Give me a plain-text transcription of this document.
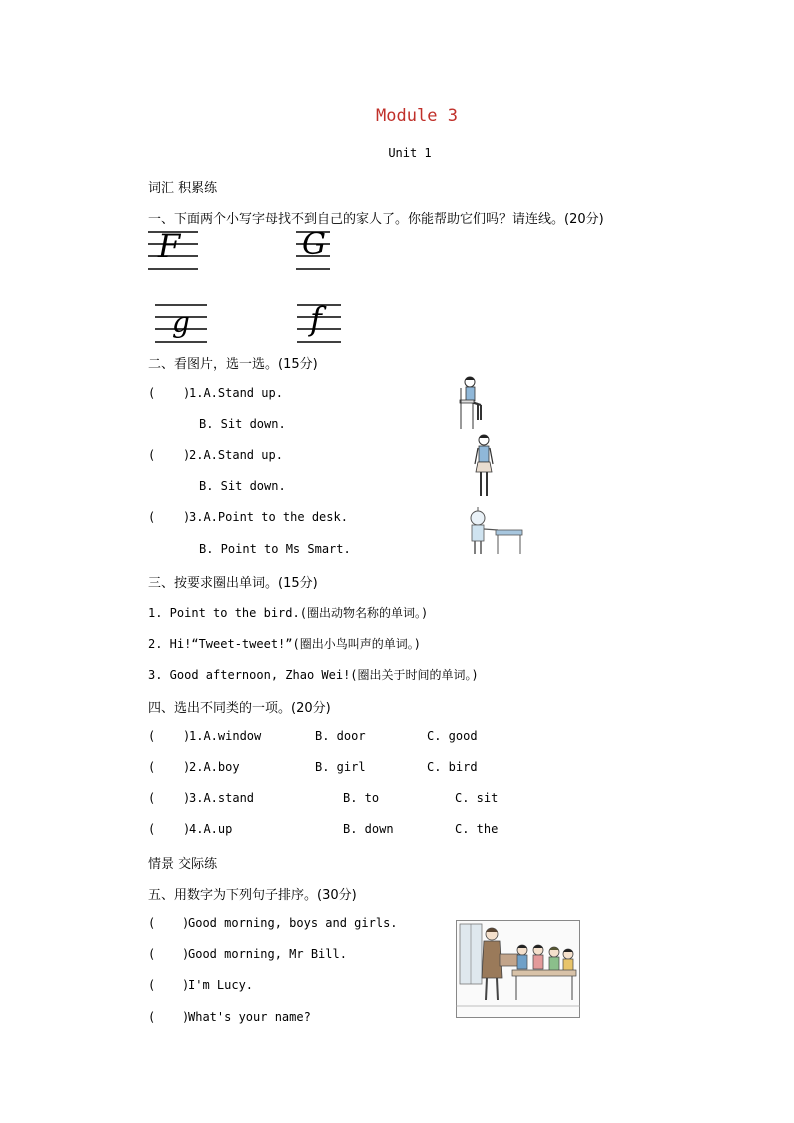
Module 3
Unit 1
词汇 积累练
一、下面两个小写字母找不到自己的家人了。你能帮助它们吗？请连线。(20分)
F	G
g	f
二、看图片，选一选。(15分)
( )
1.A.Stand up.
B. Sit down.
( )
2.A.Stand up.
B. Sit down.
( )
3.A.Point to the desk.
B. Point to Ms Smart.
三、按要求圈出单词。(15分)
1. Point to the bird.(圈出动物名称的单词。)
2. Hi!“Tweet-tweet!”(圈出小鸟叫声的单词。)
3. Good afternoon, Zhao Wei!(圈出关于时间的单词。)
四、选出不同类的一项。(20分)
( )
1.A.window	B. door	C. good
( )
2.A.boy	B. girl	C. bird
( )
3.A.stand	B. to	C. sit
( )
4.A.up	B. down	C. the
情景 交际练
五、用数字为下列句子排序。(30分)
( )
Good morning, boys and girls.
( )
Good morning, Mr Bill.
( )
I'm Lucy.
( )
What's your name?
